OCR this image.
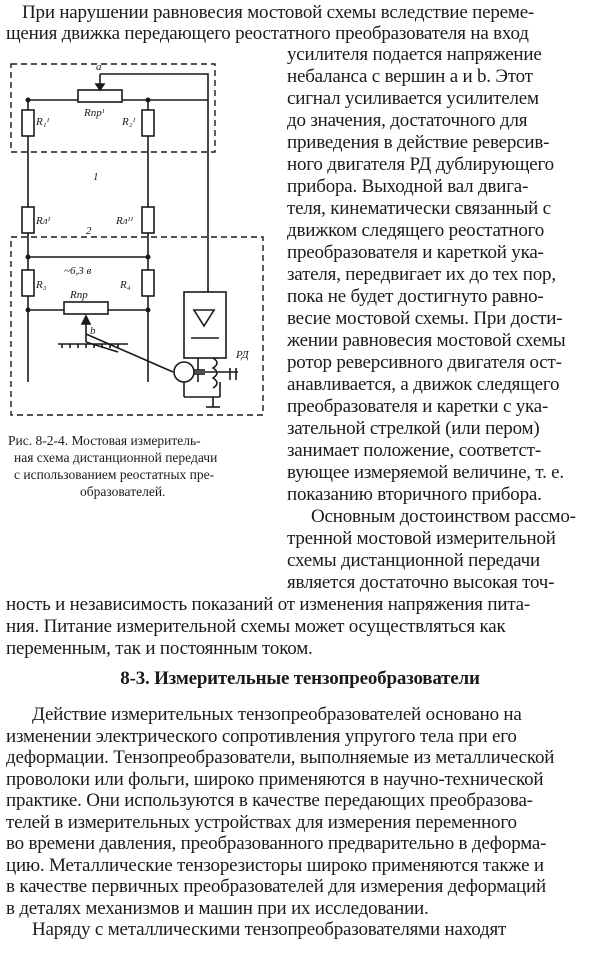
При нарушении равновесия мостовой схемы вследствие переме-
щения движка передающего реостатного преобразователя на вход
a
b
R₁ᴵ
Rпрᴵ
R₂ᴵ
1
Rлᴵ	Rлᴵᴵ
2
~6,3 в
R₃	R₄
Rпр
РД
Рис. 8-2-4. Мостовая измеритель-
ная схема дистанционной передачи
с использованием реостатных пре-
образователей.
усилителя подается напряжение
небаланса с вершин a и b. Этот
сигнал усиливается усилителем
до значения, достаточного для
приведения в действие реверсив-
ного двигателя РД дублирующего
прибора. Выходной вал двига-
теля, кинематически связанный с
движком следящего реостатного
преобразователя и кареткой ука-
зателя, передвигает их до тех пор,
пока не будет достигнуто равно-
весие мостовой схемы. При дости-
жении равновесия мостовой схемы
ротор реверсивного двигателя ост-
анавливается, а движок следящего
преобразователя и каретки с ука-
зательной стрелкой (или пером)
занимает положение, соответст-
вующее измеряемой величине, т. е.
показанию вторичного прибора.
Основным достоинством рассмо-
тренной мостовой измерительной
схемы дистанционной передачи
является достаточно высокая точ-
ность и независимость показаний от изменения напряжения пита-
ния. Питание измерительной схемы может осуществляться как
переменным, так и постоянным током.
8-3. Измерительные тензопреобразователи
Действие измерительных тензопреобразователей основано на
изменении электрического сопротивления упругого тела при его
деформации. Тензопреобразователи, выполняемые из металлической
проволоки или фольги, широко применяются в научно-технической
практике. Они используются в качестве передающих преобразова-
телей в измерительных устройствах для измерения переменного
во времени давления, преобразованного предварительно в деформа-
цию. Металлические тензорезисторы широко применяются также и
в качестве первичных преобразователей для измерения деформаций
в деталях механизмов и машин при их исследовании.
Наряду с металлическими тензопреобразователями находят
